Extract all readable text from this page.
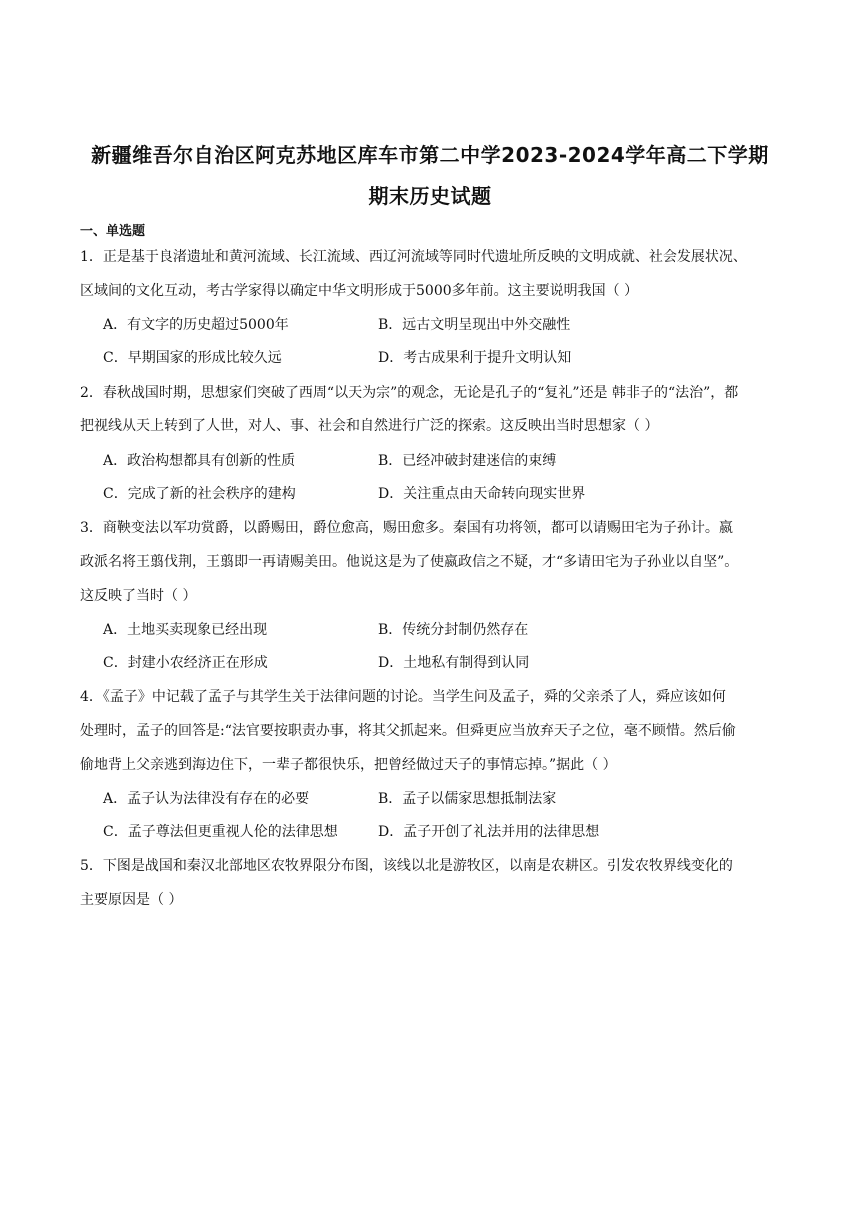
新疆维吾尔自治区阿克苏地区库车市第二中学2023-2024学年高二下学期
期末历史试题
一、单选题
1．正是基于良渚遗址和黄河流域、长江流域、西辽河流域等同时代遗址所反映的文明成就、社会发展状况、
区域间的文化互动，考古学家得以确定中华文明形成于5000多年前。这主要说明我国（ ）
A．有文字的历史超过5000年	B．远古文明呈现出中外交融性
C．早期国家的形成比较久远	D．考古成果利于提升文明认知
2．春秋战国时期，思想家们突破了西周“以天为宗”的观念，无论是孔子的“复礼”还是 韩非子的“法治”，都
把视线从天上转到了人世，对人、事、社会和自然进行广泛的探索。这反映出当时思想家（ ）
A．政治构想都具有创新的性质	B．已经冲破封建迷信的束缚
C．完成了新的社会秩序的建构	D．关注重点由天命转向现实世界
3．商鞅变法以军功赏爵，以爵赐田，爵位愈高，赐田愈多。秦国有功将领，都可以请赐田宅为子孙计。嬴
政派名将王翦伐荆，王翦即一再请赐美田。他说这是为了使嬴政信之不疑，才“多请田宅为子孙业以自坚”。
这反映了当时（ ）
A．土地买卖现象已经出现	B．传统分封制仍然存在
C．封建小农经济正在形成	D．土地私有制得到认同
4．《孟子》中记载了孟子与其学生关于法律问题的讨论。当学生问及孟子，舜的父亲杀了人，舜应该如何
处理时，孟子的回答是:“法官要按职责办事，将其父抓起来。但舜更应当放弃天子之位，毫不顾惜。然后偷
偷地背上父亲逃到海边住下，一辈子都很快乐，把曾经做过天子的事情忘掉。”据此（ ）
A．孟子认为法律没有存在的必要	B．孟子以儒家思想抵制法家
C．孟子尊法但更重视人伦的法律思想	D．孟子开创了礼法并用的法律思想
5．下图是战国和秦汉北部地区农牧界限分布图，该线以北是游牧区，以南是农耕区。引发农牧界线变化的
主要原因是（ ）
